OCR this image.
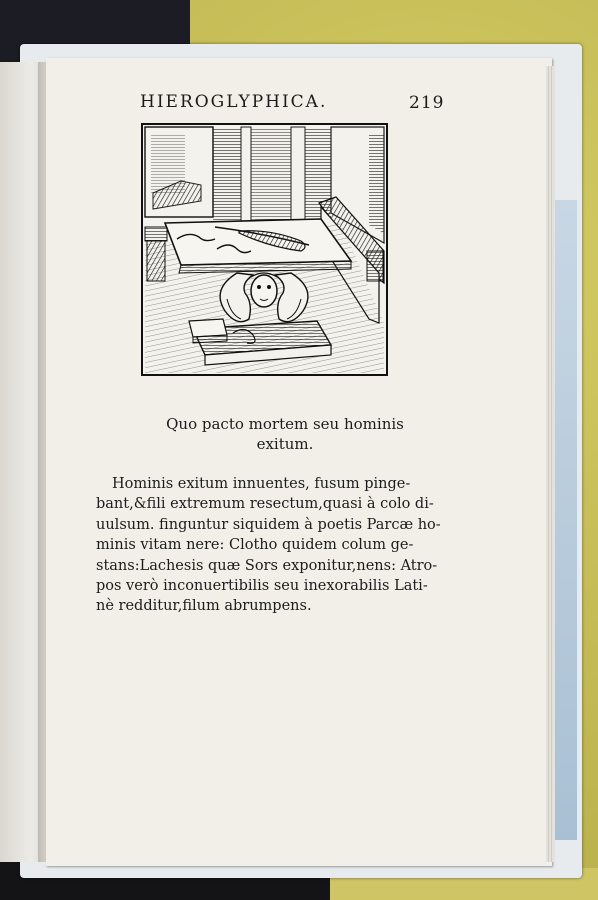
HIEROGLYPHICA.	219
Quo pacto mortem seu hominis
exitum.
Hominis exitum innuentes, fusum pinge-
bant,&fili extremum resectum,quasi à colo di-
uulsum. finguntur siquidem à poetis Parcæ ho-
minis vitam nere: Clotho quidem colum ge-
stans:Lachesis quæ Sors exponitur,nens: Atro-
pos verò inconuertibilis seu inexorabilis Lati-
nè redditur,filum abrumpens.
